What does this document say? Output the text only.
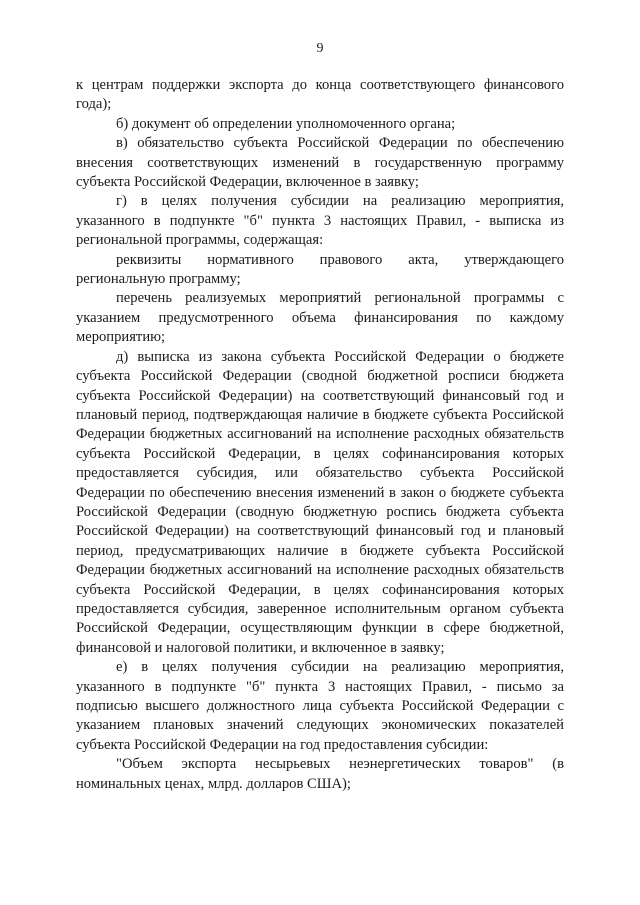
9

к центрам поддержки экспорта до конца соответствующего финансового года);

б) документ об определении уполномоченного органа;

в) обязательство субъекта Российской Федерации по обеспечению внесения соответствующих изменений в государственную программу субъекта Российской Федерации, включенное в заявку;

г) в целях получения субсидии на реализацию мероприятия, указанного в подпункте "б" пункта 3 настоящих Правил, - выписка из региональной программы, содержащая:

реквизиты нормативного правового акта, утверждающего региональную программу;

перечень реализуемых мероприятий региональной программы с указанием предусмотренного объема финансирования по каждому мероприятию;

д) выписка из закона субъекта Российской Федерации о бюджете субъекта Российской Федерации (сводной бюджетной росписи бюджета субъекта Российской Федерации) на соответствующий финансовый год и плановый период, подтверждающая наличие в бюджете субъекта Российской Федерации бюджетных ассигнований на исполнение расходных обязательств субъекта Российской Федерации, в целях софинансирования которых предоставляется субсидия, или обязательство субъекта Российской Федерации по обеспечению внесения изменений в закон о бюджете субъекта Российской Федерации (сводную бюджетную роспись бюджета субъекта Российской Федерации) на соответствующий финансовый год и плановый период, предусматривающих наличие в бюджете субъекта Российской Федерации бюджетных ассигнований на исполнение расходных обязательств субъекта Российской Федерации, в целях софинансирования которых предоставляется субсидия, заверенное исполнительным органом субъекта Российской Федерации, осуществляющим функции в сфере бюджетной, финансовой и налоговой политики, и включенное в заявку;

е) в целях получения субсидии на реализацию мероприятия, указанного в подпункте "б" пункта 3 настоящих Правил, - письмо за подписью высшего должностного лица субъекта Российской Федерации с указанием плановых значений следующих экономических показателей субъекта Российской Федерации на год предоставления субсидии:

"Объем экспорта несырьевых неэнергетических товаров" (в номинальных ценах, млрд. долларов США);
